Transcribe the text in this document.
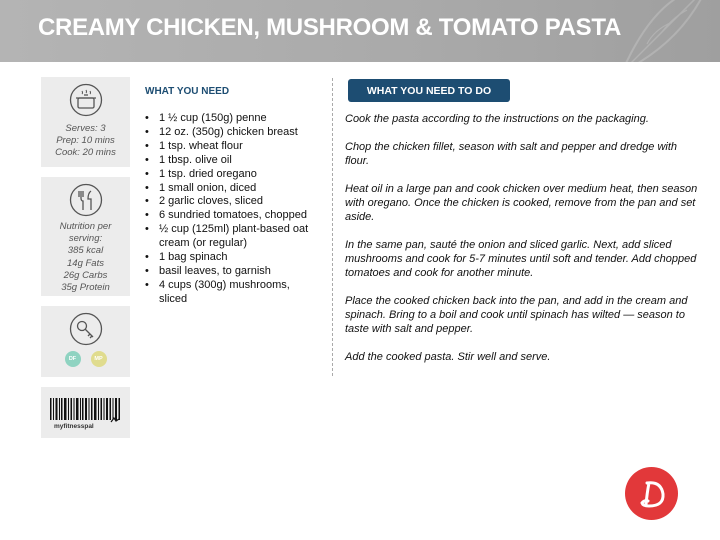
CREAMY CHICKEN, MUSHROOM & TOMATO PASTA
Serves: 3
Prep: 10 mins
Cook: 20 mins
Nutrition per
serving:
385 kcal
14g Fats
26g Carbs
35g Protein
DF	MP
myfitnesspal
WHAT YOU NEED
• 1 ½ cup (150g) penne
• 12 oz. (350g) chicken breast
• 1 tsp. wheat flour
• 1 tbsp. olive oil
• 1 tsp. dried oregano
• 1 small onion, diced
• 2 garlic cloves, sliced
• 6 sundried tomatoes, chopped
• ½ cup (125ml) plant-based oat cream (or regular)
• 1 bag spinach
• basil leaves, to garnish
• 4 cups (300g) mushrooms, sliced
WHAT YOU NEED TO DO

Cook the pasta according to the instructions on the packaging.

Chop the chicken fillet, season with salt and pepper and dredge with flour.

Heat oil in a large pan and cook chicken over medium heat, then season with oregano. Once the chicken is cooked, remove from the pan and set aside.

In the same pan, sauté the onion and sliced garlic. Next, add sliced mushrooms and cook for 5-7 minutes until soft and tender. Add chopped tomatoes and cook for another minute.

Place the cooked chicken back into the pan, and add in the cream and spinach. Bring to a boil and cook until spinach has wilted — season to taste with salt and pepper.

Add the cooked pasta. Stir well and serve.
